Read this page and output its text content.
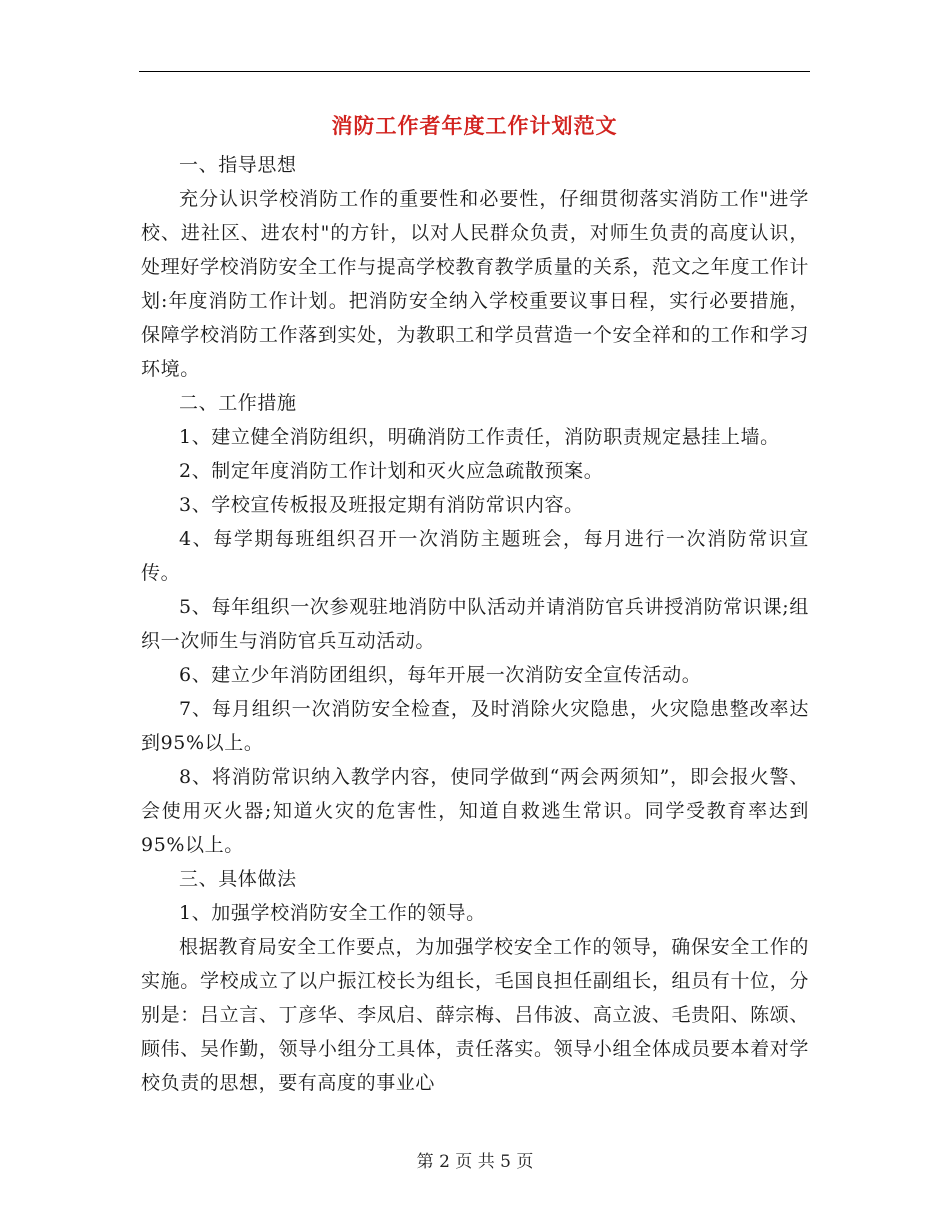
消防工作者年度工作计划范文

一、指导思想

充分认识学校消防工作的重要性和必要性，仔细贯彻落实消防工作"进学校、进社区、进农村"的方针，以对人民群众负责，对师生负责的高度认识，处理好学校消防安全工作与提高学校教育教学质量的关系，范文之年度工作计划:年度消防工作计划。把消防安全纳入学校重要议事日程，实行必要措施，保障学校消防工作落到实处，为教职工和学员营造一个安全祥和的工作和学习环境。

二、工作措施

1、建立健全消防组织，明确消防工作责任，消防职责规定悬挂上墙。

2、制定年度消防工作计划和灭火应急疏散预案。

3、学校宣传板报及班报定期有消防常识内容。

4、每学期每班组织召开一次消防主题班会，每月进行一次消防常识宣传。

5、每年组织一次参观驻地消防中队活动并请消防官兵讲授消防常识课;组织一次师生与消防官兵互动活动。

6、建立少年消防团组织，每年开展一次消防安全宣传活动。

7、每月组织一次消防安全检查，及时消除火灾隐患，火灾隐患整改率达到95%以上。

8、将消防常识纳入教学内容，使同学做到“两会两须知”，即会报火警、会使用灭火器;知道火灾的危害性，知道自救逃生常识。同学受教育率达到95%以上。

三、具体做法

1、加强学校消防安全工作的领导。

根据教育局安全工作要点，为加强学校安全工作的领导，确保安全工作的实施。学校成立了以户振江校长为组长，毛国良担任副组长，组员有十位，分别是：吕立言、丁彦华、李凤启、薛宗梅、吕伟波、高立波、毛贵阳、陈颂、顾伟、吴作勤，领导小组分工具体，责任落实。领导小组全体成员要本着对学校负责的思想，要有高度的事业心

第 2 页 共 5 页
